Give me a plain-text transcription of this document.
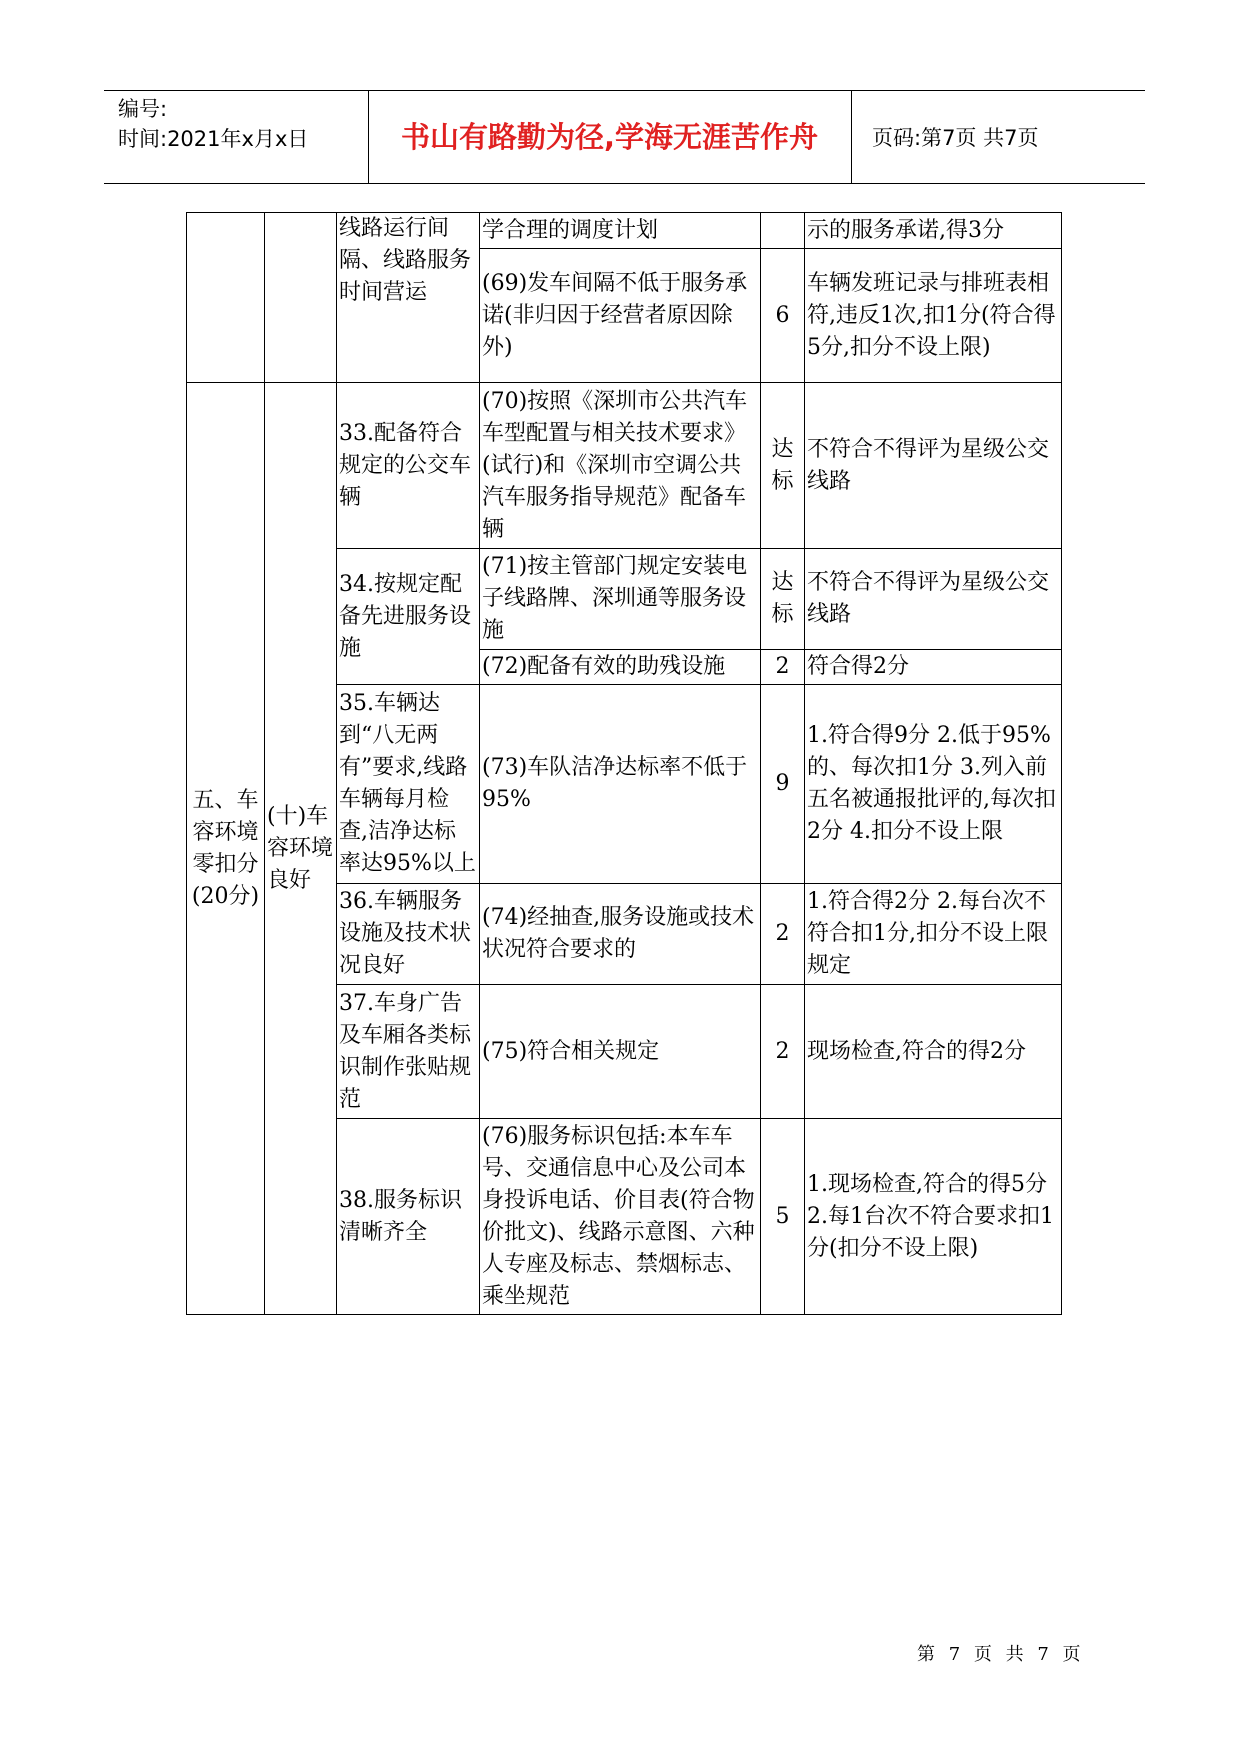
编号:
时间:2021年x月x日	书山有路勤为径,学海无涯苦作舟	页码:第7页 共7页
		线路运行间隔、线路服务时间营运	学合理的调度计划		示的服务承诺,得3分
			(69)发车间隔不低于服务承诺(非归因于经营者原因除外)	6	车辆发班记录与排班表相符,违反1次,扣1分(符合得5分,扣分不设上限)
五、车容环境零扣分(20分)	(十)车容环境良好	33.配备符合规定的公交车辆	(70)按照《深圳市公共汽车车型配置与相关技术要求》(试行)和《深圳市空调公共汽车服务指导规范》配备车辆	达标	不符合不得评为星级公交线路
		34.按规定配备先进服务设施	(71)按主管部门规定安装电子线路牌、深圳通等服务设施	达标	不符合不得评为星级公交线路
			(72)配备有效的助残设施	2	符合得2分
		35.车辆达到“八无两有”要求,线路车辆每月检查,洁净达标率达95%以上	(73)车队洁净达标率不低于95%	9	1.符合得9分 2.低于95%的、每次扣1分 3.列入前五名被通报批评的,每次扣2分 4.扣分不设上限
		36.车辆服务设施及技术状况良好	(74)经抽查,服务设施或技术状况符合要求的	2	1.符合得2分 2.每台次不符合扣1分,扣分不设上限规定
		37.车身广告及车厢各类标识制作张贴规范	(75)符合相关规定	2	现场检查,符合的得2分
		38.服务标识清晰齐全	(76)服务标识包括:本车车号、交通信息中心及公司本身投诉电话、价目表(符合物价批文)、线路示意图、六种人专座及标志、禁烟标志、乘坐规范	5	1.现场检查,符合的得5分 2.每1台次不符合要求扣1分(扣分不设上限)
第 7 页 共 7 页
